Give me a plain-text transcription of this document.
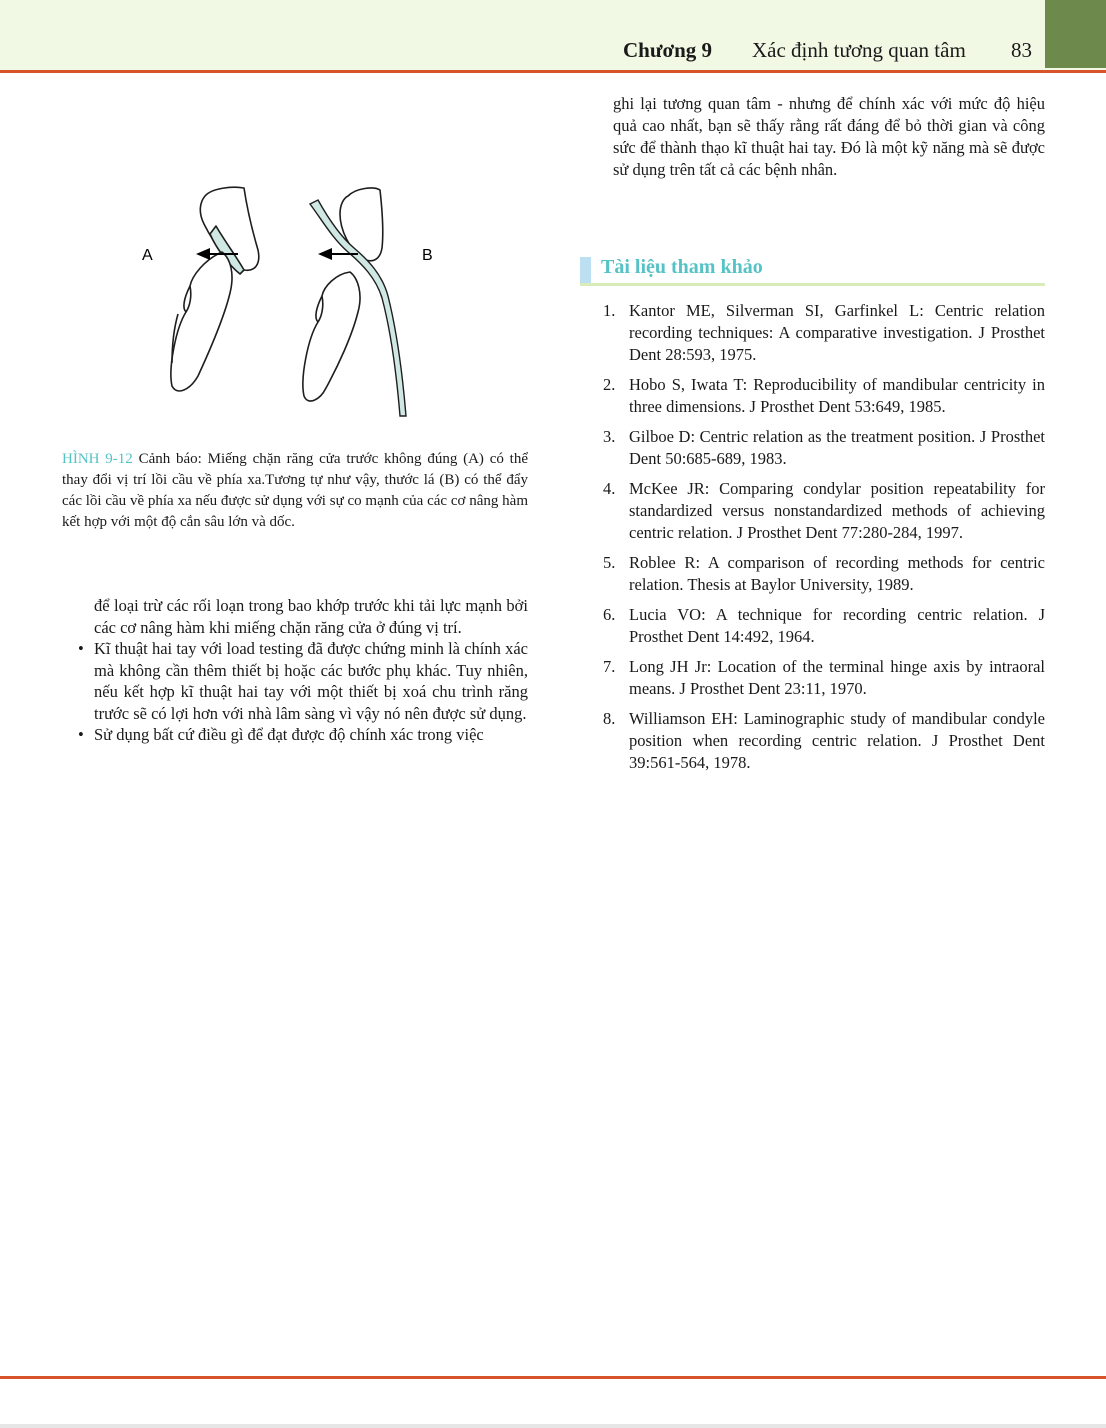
Chương 9 Xác định tương quan tâm 83

ghi lại tương quan tâm - nhưng để chính xác với mức độ hiệu quả cao nhất, bạn sẽ thấy rằng rất đáng để bỏ thời gian và công sức để thành thạo kĩ thuật hai tay. Đó là một kỹ năng mà sẽ được sử dụng trên tất cả các bệnh nhân.

A	B

HÌNH 9-12 Cảnh báo: Miếng chặn răng cửa trước không đúng (A) có thể thay đổi vị trí lồi cầu về phía xa.Tương tự như vậy, thước lá (B) có thể đẩy các lồi cầu về phía xa nếu được sử dụng với sự co mạnh của các cơ nâng hàm kết hợp với một độ cắn sâu lớn và dốc.

để loại trừ các rối loạn trong bao khớp trước khi tải lực mạnh bởi các cơ nâng hàm khi miếng chặn răng cửa ở đúng vị trí.

• Kĩ thuật hai tay với load testing đã được chứng minh là chính xác mà không cần thêm thiết bị hoặc các bước phụ khác. Tuy nhiên, nếu kết hợp kĩ thuật hai tay với một thiết bị xoá chu trình răng trước sẽ có lợi hơn với nhà lâm sàng vì vậy nó nên được sử dụng.
• Sử dụng bất cứ điều gì để đạt được độ chính xác trong việc
Tài liệu tham khảo
1. Kantor ME, Silverman SI, Garfinkel L: Centric relation recording techniques: A comparative investigation. J Prosthet Dent 28:593, 1975.
2. Hobo S, Iwata T: Reproducibility of mandibular centricity in three dimensions. J Prosthet Dent 53:649, 1985.
3. Gilboe D: Centric relation as the treatment position. J Prosthet Dent 50:685-689, 1983.
4. McKee JR: Comparing condylar position repeatability for standardized versus nonstandardized methods of achieving centric relation. J Prosthet Dent 77:280-284, 1997.
5. Roblee R: A comparison of recording methods for centric relation. Thesis at Baylor University, 1989.
6. Lucia VO: A technique for recording centric relation. J Prosthet Dent 14:492, 1964.
7. Long JH Jr: Location of the terminal hinge axis by intraoral means. J Prosthet Dent 23:11, 1970.
8. Williamson EH: Laminographic study of mandibular condyle position when recording centric relation. J Prosthet Dent 39:561-564, 1978.
